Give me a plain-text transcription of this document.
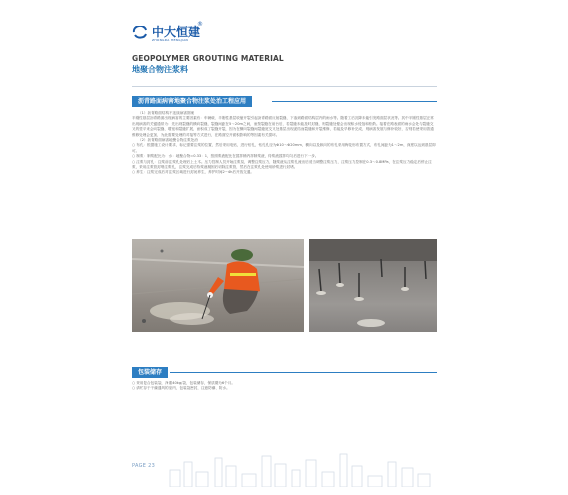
中大恒建
®
ZHONGDA HENGJIAN
GEOPOLYMER GROUTING MATERIAL
地聚合物注浆料
沥青路面病害地聚合物注浆处治工程应用
（1）沥青路面结构不连续病害图案
半刚性基层沥青路面出现病害的主要因素有：车辆载、半刚性基层收缩开裂引起沥青路面反射裂缝、下渗到路面结构层内的雨水等。随着工后沉降未能引发路面层状况等。其中半刚性基层正常出现病害的关键通常为：先出现裂缝的横向裂缝，裂缝间距在5～20m之间，而按裂缝在前台后，若裂缝未能及时封缝，则裂缝处便会出现积水侵蚀和松散。接着在路表面的雨水会处与裂缝交叉的竖平来会向裂缝、增宽和裂缝扩展，而积成了裂缝开裂，因为在横向裂缝间裂缝宽交叉处基层出现泥结而裂缝和开裂维修，若能及早修补完成，则病害发展与修补较好，否则若使采用普通维修处理会更加，为此需要处理的对接等方式进行，在路面空开面积影响的等因素有关损坏。
（2）沥青路面病害地聚合物注浆处治
○ 布孔：根据施工设计要求，标记需要注浆的位置，然后采用电钻，进行钻孔，钻孔孔径为Φ10～Φ20mm，横向以及纵向的布孔采用梅花形布置方式，布孔间距为1～2m，深度以达到基层即可。
○ 制浆：制浆配比为：水：地聚合物=0.33：1，按照浆液配比在搅拌桶内拌制浆液，待浆液搅拌均匀后进行下一步。
○ 注浆与封孔：注浆前注浆孔处理后上土木。压力控制人员开始注浆泵，调整注浆压力，随浆液从注浆孔流出后适当调整注浆压力，注浆压力控制在0.3～0.8MPa，在注浆压力稳定后停止注浆，采用注浆管封堵注浆孔，注浆完成后待浆液凝固后切除注浆管，然后在注浆孔处使用砂浆进行封堵。
○ 养生：注浆完成后对注浆区域进行封闭养生，养护时间2~4h后开放交通。
包装储存
○ 采用复合包装袋，净重40kg/袋，包装储存，保质期为6个月。
○ 请贮存于干燥通风的室内，包装袋密封，注意防潮、防水。
PAGE 23
